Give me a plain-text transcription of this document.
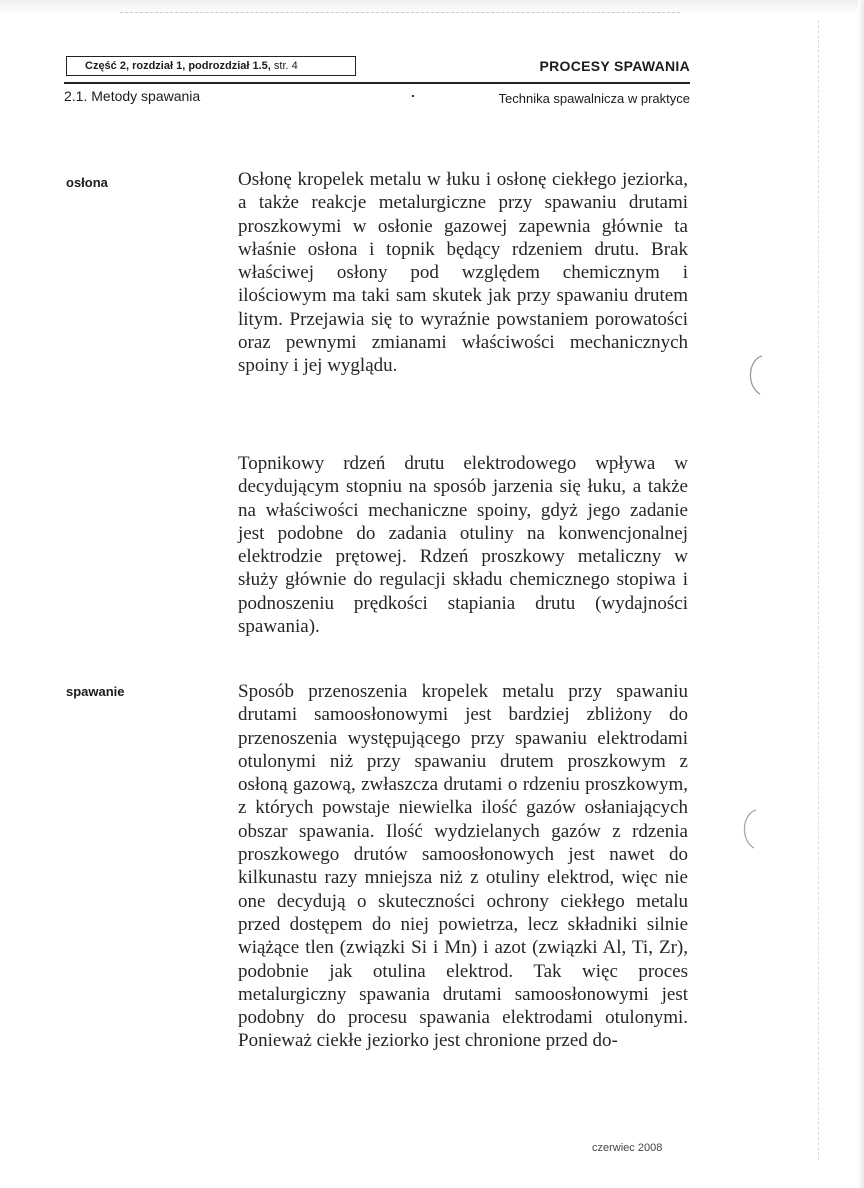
Część 2, rozdział 1, podrozdział 1.5, str. 4	PROCESY SPAWANIA
2.1. Metody spawania	Technika spawalnicza w praktyce
osłona	Osłonę kropelek metalu w łuku i osłonę ciekłego jeziorka, a także reakcje metalurgiczne przy spawaniu drutami proszkowymi w osłonie gazowej zapewnia głównie ta właśnie osłona i topnik będący rdzeniem drutu. Brak właściwej osłony pod względem chemicznym i ilościowym ma taki sam skutek jak przy spawaniu drutem litym. Przejawia się to wyraźnie powstaniem porowatości oraz pewnymi zmianami właściwości mechanicznych spoiny i jej wyglądu.

Topnikowy rdzeń drutu elektrodowego wpływa w decydującym stopniu na sposób jarzenia się łuku, a także na właściwości mechaniczne spoiny, gdyż jego zadanie jest podobne do zadania otuliny na konwencjonalnej elektrodzie prętowej. Rdzeń proszkowy metaliczny w służy głównie do regulacji składu chemicznego stopiwa i podnoszeniu prędkości stapiania drutu (wydajności spawania).

spawanie	Sposób przenoszenia kropelek metalu przy spawaniu drutami samoosłonowymi jest bardziej zbliżony do przenoszenia występującego przy spawaniu elektrodami otulonymi niż przy spawaniu drutem proszkowym z osłoną gazową, zwłaszcza drutami o rdzeniu proszkowym, z których powstaje niewielka ilość gazów osłaniających obszar spawania. Ilość wydzielanych gazów z rdzenia proszkowego drutów samoosłonowych jest nawet do kilkunastu razy mniejsza niż z otuliny elektrod, więc nie one decydują o skuteczności ochrony ciekłego metalu przed dostępem do niej powietrza, lecz składniki silnie wiążące tlen (związki Si i Mn) i azot (związki Al, Ti, Zr), podobnie jak otulina elektrod. Tak więc proces metalurgiczny spawania drutami samoosłonowymi jest podobny do procesu spawania elektrodami otulonymi. Ponieważ ciekłe jeziorko jest chronione przed do-

czerwiec 2008
